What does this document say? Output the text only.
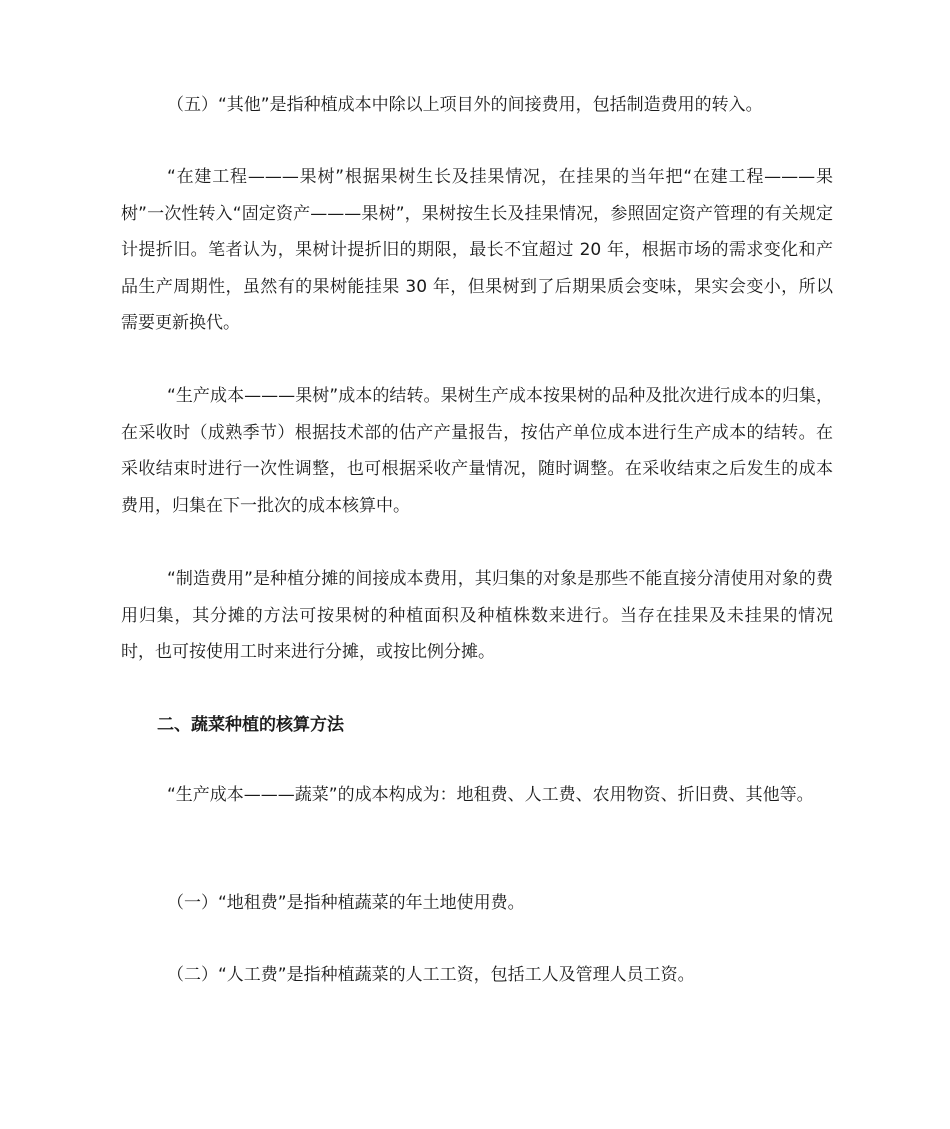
（五）“其他”是指种植成本中除以上项目外的间接费用，包括制造费用的转入。

“在建工程———果树”根据果树生长及挂果情况，在挂果的当年把“在建工程———果树”一次性转入“固定资产———果树”，果树按生长及挂果情况，参照固定资产管理的有关规定计提折旧。笔者认为，果树计提折旧的期限，最长不宜超过 20 年，根据市场的需求变化和产品生产周期性，虽然有的果树能挂果 30 年，但果树到了后期果质会变味，果实会变小，所以需要更新换代。

“生产成本———果树”成本的结转。果树生产成本按果树的品种及批次进行成本的归集，在采收时（成熟季节）根据技术部的估产产量报告，按估产单位成本进行生产成本的结转。在采收结束时进行一次性调整，也可根据采收产量情况，随时调整。在采收结束之后发生的成本费用，归集在下一批次的成本核算中。

“制造费用”是种植分摊的间接成本费用，其归集的对象是那些不能直接分清使用对象的费用归集，其分摊的方法可按果树的种植面积及种植株数来进行。当存在挂果及未挂果的情况时，也可按使用工时来进行分摊，或按比例分摊。

二、蔬菜种植的核算方法

“生产成本———蔬菜”的成本构成为：地租费、人工费、农用物资、折旧费、其他等。

（一）“地租费”是指种植蔬菜的年土地使用费。

（二）“人工费”是指种植蔬菜的人工工资，包括工人及管理人员工资。
